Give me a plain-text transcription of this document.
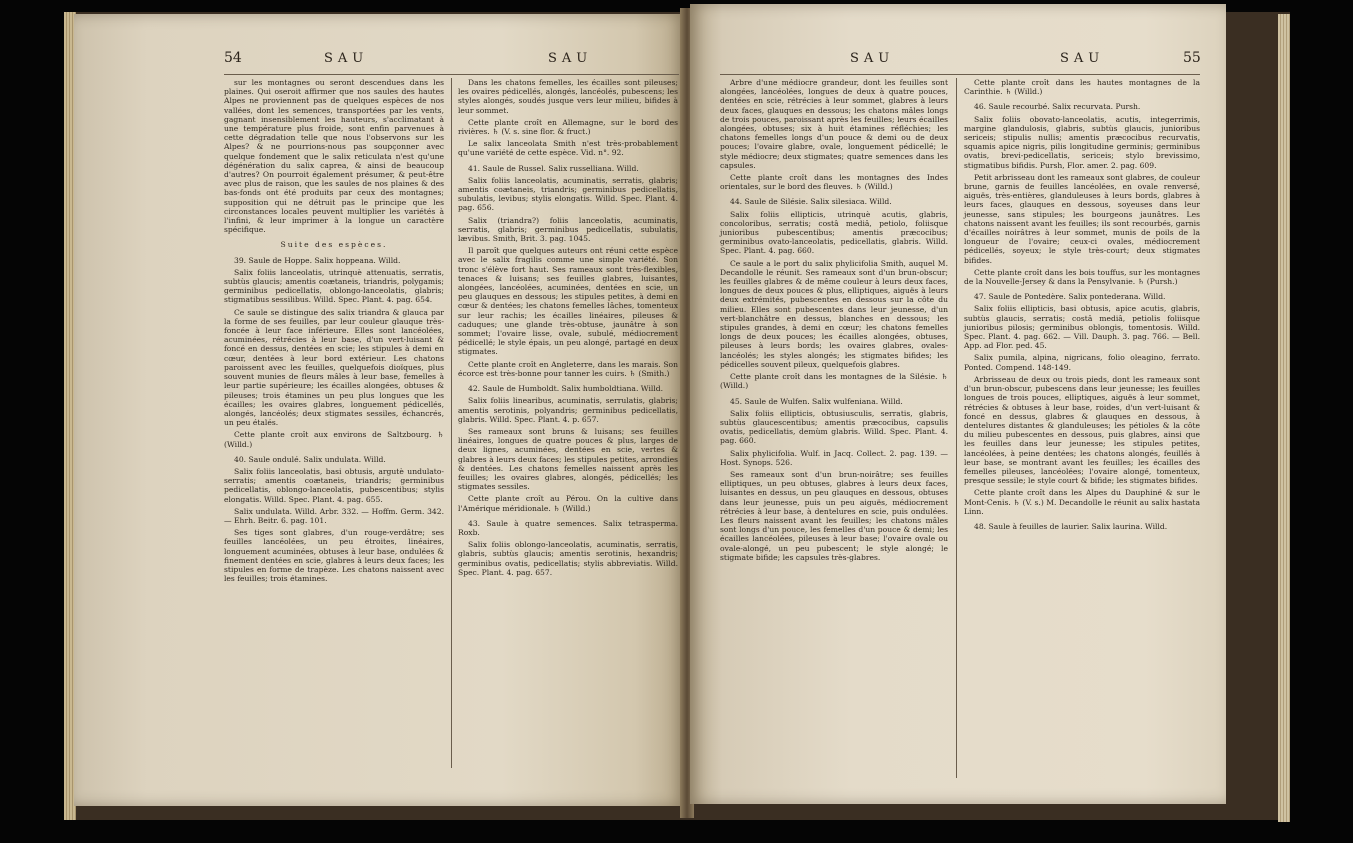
54	SAU	SAU

sur les montagnes ou seront descendues dans les plaines. Qui oseroit affirmer que nos saules des hautes Alpes ne proviennent pas de quelques espèces de nos vallées, dont les semences, transportées par les vents, gagnant insensiblement les hauteurs, s'acclimatant à une température plus froide, sont enfin parvenues à cette dégradation telle que nous l'observons sur les Alpes? & ne pourrions-nous pas soupçonner avec quelque fondement que le salix reticulata n'est qu'une dégénération du salix caprea, & ainsi de beaucoup d'autres? On pourroit également présumer, & peut-être avec plus de raison, que les saules de nos plaines & des bas-fonds ont été produits par ceux des montagnes; supposition qui ne détruit pas le principe que les circonstances locales peuvent multiplier les variétés à l'infini, & leur imprimer à la longue un caractère spécifique.

Suite des espèces.

39. Saule de Hoppe. Salix hoppeana. Willd.

Salix foliis lanceolatis, utrinquè attenuatis, serratis, subtùs glaucis; amentis coætaneis, triandris, polygamis; germinibus pedicellatis, oblongo-lanceolatis, glabris; stigmatibus sessilibus. Willd. Spec. Plant. 4. pag. 654.

Ce saule se distingue des salix triandra & glauca par la forme de ses feuilles, par leur couleur glauque très-foncée à leur face inférieure. Elles sont lancéolées, acuminées, rétrécies à leur base, d'un vert-luisant & foncé en dessus, dentées en scie; les stipules à demi en cœur, dentées à leur bord extérieur. Les chatons paroissent avec les feuilles, quelquefois dioïques, plus souvent munies de fleurs mâles à leur base, femelles à leur partie supérieure; les écailles alongées, obtuses & pileuses; trois étamines un peu plus longues que les écailles; les ovaires glabres, longuement pédicellés, alongés, lancéolés; deux stigmates sessiles, échancrés, un peu étalés.

Cette plante croît aux environs de Saltzbourg. ♄ (Willd.)

40. Saule ondulé. Salix undulata. Willd.

Salix foliis lanceolatis, basi obtusis, argutè undulato-serratis; amentis coætaneis, triandris; germinibus pedicellatis, oblongo-lanceolatis, pubescentibus; stylis elongatis. Willd. Spec. Plant. 4. pag. 655.

Salix undulata. Willd. Arbr. 332. — Hoffm. Germ. 342. — Ehrh. Beitr. 6. pag. 101.

Ses tiges sont glabres, d'un rouge-verdâtre; ses feuilles lancéolées, un peu étroites, linéaires, longuement acuminées, obtuses à leur base, ondulées & finement dentées en scie, glabres à leurs deux faces; les stipules en forme de trapèze. Les chatons naissent avec les feuilles; trois étamines.

Dans les chatons femelles, les écailles sont pileuses; les ovaires pédicellés, alongés, lancéolés, pubescens; les styles alongés, soudés jusque vers leur milieu, bifides à leur sommet.

Cette plante croît en Allemagne, sur le bord des rivières. ♄ (V. s. sine flor. & fruct.)

Le salix lanceolata Smith n'est très-probablement qu'une variété de cette espèce. Vid. n°. 92.

41. Saule de Russel. Salix russelliana. Willd.

Salix foliis lanceolatis, acuminatis, serratis, glabris; amentis coætaneis, triandris; germinibus pedicellatis, subulatis, levibus; stylis elongatis. Willd. Spec. Plant. 4. pag. 656.

Salix (triandra?) foliis lanceolatis, acuminatis, serratis, glabris; germinibus pedicellatis, subulatis, lævibus. Smith, Brit. 3. pag. 1045.

Il paroît que quelques auteurs ont réuni cette espèce avec le salix fragilis comme une simple variété. Son tronc s'élève fort haut. Ses rameaux sont très-flexibles, tenaces & luisans; ses feuilles glabres, luisantes, alongées, lancéolées, acuminées, dentées en scie, un peu glauques en dessous; les stipules petites, à demi en cœur & dentées; les chatons femelles lâches, tomenteux sur leur rachis; les écailles linéaires, pileuses & caduques; une glande très-obtuse, jaunâtre à son sommet; l'ovaire lisse, ovale, subulé, médiocrement pédicellé; le style épais, un peu alongé, partagé en deux stigmates.

Cette plante croît en Angleterre, dans les marais. Son écorce est très-bonne pour tanner les cuirs. ♄ (Smith.)

42. Saule de Humboldt. Salix humboldtiana. Willd.

Salix foliis linearibus, acuminatis, serrulatis, glabris; amentis serotinis, polyandris; germinibus pedicellatis, glabris. Willd. Spec. Plant. 4. p. 657.

Ses rameaux sont bruns & luisans; ses feuilles linéaires, longues de quatre pouces & plus, larges de deux lignes, acuminées, dentées en scie, vertes & glabres à leurs deux faces; les stipules petites, arrondies & dentées. Les chatons femelles naissent après les feuilles; les ovaires glabres, alongés, pédicellés; les stigmates sessiles.

Cette plante croît au Pérou. On la cultive dans l'Amérique méridionale. ♄ (Willd.)

43. Saule à quatre semences. Salix tetrasperma. Roxb.

Salix foliis oblongo-lanceolatis, acuminatis, serratis, glabris, subtùs glaucis; amentis serotinis, hexandris; germinibus ovatis, pedicellatis; stylis abbreviatis. Willd. Spec. Plant. 4. pag. 657.

SAU	SAU	55

Arbre d'une médiocre grandeur, dont les feuilles sont alongées, lancéolées, longues de deux à quatre pouces, dentées en scie, rétrécies à leur sommet, glabres à leurs deux faces, glauques en dessous; les chatons mâles longs de trois pouces, paroissant après les feuilles; leurs écailles alongées, obtuses; six à huit étamines réfléchies; les chatons femelles longs d'un pouce & demi ou de deux pouces; l'ovaire glabre, ovale, longuement pédicellé; le style médiocre; deux stigmates; quatre semences dans les capsules.

Cette plante croît dans les montagnes des Indes orientales, sur le bord des fleuves. ♄ (Willd.)

44. Saule de Silésie. Salix silesiaca. Willd.

Salix foliis ellipticis, utrinquè acutis, glabris, concoloribus, serratis; costâ mediâ, petiolo, foliisque junioribus pubescentibus; amentis præcocibus; germinibus ovato-lanceolatis, pedicellatis, glabris. Willd. Spec. Plant. 4. pag. 660.

Ce saule a le port du salix phylicifolia Smith, auquel M. Decandolle le réunit. Ses rameaux sont d'un brun-obscur; les feuilles glabres & de même couleur à leurs deux faces, longues de deux pouces & plus, elliptiques, aiguës à leurs deux extrémités, pubescentes en dessous sur la côte du milieu. Elles sont pubescentes dans leur jeunesse, d'un vert-blanchâtre en dessus, blanches en dessous; les stipules grandes, à demi en cœur; les chatons femelles longs de deux pouces; les écailles alongées, obtuses, pileuses à leurs bords; les ovaires glabres, ovales-lancéolés; les styles alongés; les stigmates bifides; les pédicelles souvent pileux, quelquefois glabres.

Cette plante croît dans les montagnes de la Silésie. ♄ (Willd.)

45. Saule de Wulfen. Salix wulfeniana. Willd.

Salix foliis ellipticis, obtusiusculis, serratis, glabris, subtùs glaucescentibus; amentis præcocibus, capsulis ovatis, pedicellatis, demùm glabris. Willd. Spec. Plant. 4. pag. 660.

Salix phylicifolia. Wulf. in Jacq. Collect. 2. pag. 139. — Host. Synops. 526.

Ses rameaux sont d'un brun-noirâtre; ses feuilles elliptiques, un peu obtuses, glabres à leurs deux faces, luisantes en dessus, un peu glauques en dessous, obtuses dans leur jeunesse, puis un peu aiguës, médiocrement rétrécies à leur base, à dentelures en scie, puis ondulées. Les fleurs naissent avant les feuilles; les chatons mâles sont longs d'un pouce, les femelles d'un pouce & demi; les écailles lancéolées, pileuses à leur base; l'ovaire ovale ou ovale-alongé, un peu pubescent; le style alongé; le stigmate bifide; les capsules très-glabres.

Cette plante croît dans les hautes montagnes de la Carinthie. ♄ (Willd.)

46. Saule recourbé. Salix recurvata. Pursh.

Salix foliis obovato-lanceolatis, acutis, integerrimis, margine glandulosis, glabris, subtùs glaucis, junioribus sericeis; stipulis nullis; amentis præcocibus recurvatis, squamis apice nigris, pilis longitudine germinis; germinibus ovatis, brevi-pedicellatis, sericeis; stylo brevissimo, stigmatibus bifidis. Pursh, Flor. amer. 2. pag. 609.

Petit arbrisseau dont les rameaux sont glabres, de couleur brune, garnis de feuilles lancéolées, en ovale renversé, aiguës, très-entières, glanduleuses à leurs bords, glabres à leurs faces, glauques en dessous, soyeuses dans leur jeunesse, sans stipules; les bourgeons jaunâtres. Les chatons naissent avant les feuilles; ils sont recourbés, garnis d'écailles noirâtres à leur sommet, munis de poils de la longueur de l'ovaire; ceux-ci ovales, médiocrement pédicellés, soyeux; le style très-court; deux stigmates bifides.

Cette plante croît dans les bois touffus, sur les montagnes de la Nouvelle-Jersey & dans la Pensylvanie. ♄ (Pursh.)

47. Saule de Pontedère. Salix pontederana. Willd.

Salix foliis ellipticis, basi obtusis, apice acutis, glabris, subtùs glaucis, serratis; costâ mediâ, petiolis foliisque junioribus pilosis; germinibus oblongis, tomentosis. Willd. Spec. Plant. 4. pag. 662. — Vill. Dauph. 3. pag. 766. — Bell. App. ad Flor. ped. 45.

Salix pumila, alpina, nigricans, folio oleagino, ferrato. Ponted. Compend. 148-149.

Arbrisseau de deux ou trois pieds, dont les rameaux sont d'un brun-obscur, pubescens dans leur jeunesse; les feuilles longues de trois pouces, elliptiques, aiguës à leur sommet, rétrécies & obtuses à leur base, roides, d'un vert-luisant & foncé en dessus, glabres & glauques en dessous, à dentelures distantes & glanduleuses; les pétioles & la côte du milieu pubescentes en dessous, puis glabres, ainsi que les feuilles dans leur jeunesse; les stipules petites, lancéolées, à peine dentées; les chatons alongés, feuillés à leur base, se montrant avant les feuilles; les écailles des femelles pileuses, lancéolées; l'ovaire alongé, tomenteux, presque sessile; le style court & bifide; les stigmates bifides.

Cette plante croît dans les Alpes du Dauphiné & sur le Mont-Cenis. ♄ (V. s.) M. Decandolle le réunit au salix hastata Linn.

48. Saule à feuilles de laurier. Salix laurina. Willd.
